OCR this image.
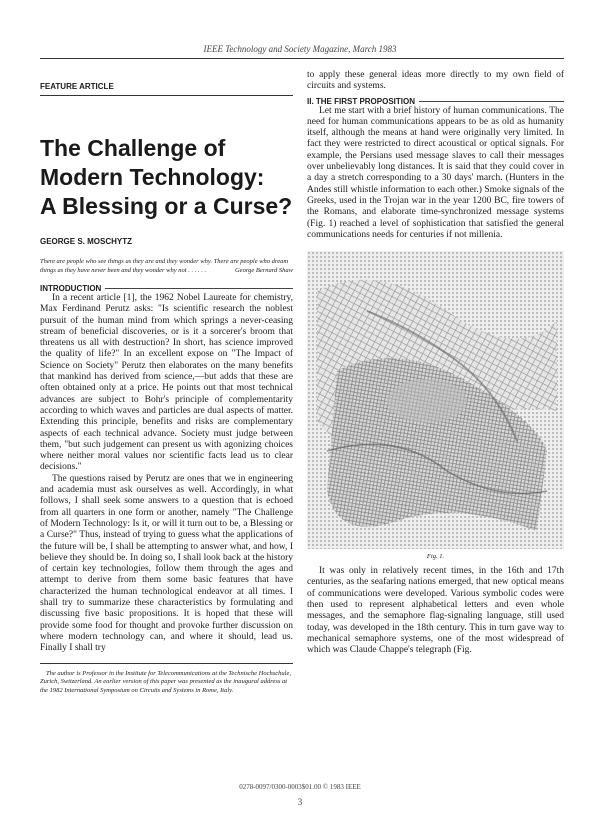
IEEE Technology and Society Magazine, March 1983
FEATURE ARTICLE
The Challenge of
Modern Technology:
A Blessing or a Curse?
GEORGE S. MOSCHYTZ
There are people who see things as they are and they wonder why. There are people who dream things as they have never been and they wonder why not . . . . . .	George Bernard Shaw
INTRODUCTION

In a recent article [1], the 1962 Nobel Laureate for chemistry, Max Ferdinand Perutz asks: "Is scientific research the noblest pursuit of the human mind from which springs a never-ceasing stream of beneficial discoveries, or is it a sorcerer's broom that threatens us all with destruction? In short, has science improved the quality of life?" In an excellent expose on "The Impact of Science on Society" Perutz then elaborates on the many benefits that mankind has derived from science,—but adds that these are often obtained only at a price. He points out that most technical advances are subject to Bohr's principle of complementarity according to which waves and particles are dual aspects of matter. Extending this principle, benefits and risks are complementary aspects of each technical advance. Society must judge between them, "but such judgement can present us with agonizing choices where neither moral values nor scientific facts lead us to clear decisions."

The questions raised by Perutz are ones that we in engineering and academia must ask ourselves as well. Accordingly, in what follows, I shall seek some answers to a question that is echoed from all quarters in one form or another, namely "The Challenge of Modern Technology: Is it, or will it turn out to be, a Blessing or a Curse?" Thus, instead of trying to guess what the applications of the future will be, I shall be attempting to answer what, and how, I believe they should be. In doing so, I shall look back at the history of certain key technologies, follow them through the ages and attempt to derive from them some basic features that have characterized the human technological endeavor at all times. I shall try to summarize these characteristics by formulating and discussing five basic propositions. It is hoped that these will provide some food for thought and provoke further discussion on where modern technology can, and where it should, lead us. Finally I shall try

The author is Professor in the Institute for Telecommunications at the Technische Hochschule, Zurich, Switzerland. An earlier version of this paper was presented as the inaugural address at the 1982 International Symposium on Circuits and Systems in Rome, Italy.

to apply these general ideas more directly to my own field of circuits and systems.

II. THE FIRST PROPOSITION

Let me start with a brief history of human communications. The need for human communications appears to be as old as humanity itself, although the means at hand were originally very limited. In fact they were restricted to direct acoustical or optical signals. For example, the Persians used message slaves to call their messages over unbelievably long distances. It is said that they could cover in a day a stretch corresponding to a 30 days' march. (Hunters in the Andes still whistle information to each other.) Smoke signals of the Greeks, used in the Trojan war in the year 1200 BC, fire towers of the Romans, and elaborate time-synchronized message systems (Fig. 1) reached a level of sophistication that satisfied the general communications needs for centuries if not millenia.

Fig. 1.

It was only in relatively recent times, in the 16th and 17th centuries, as the seafaring nations emerged, that new optical means of communications were developed. Various symbolic codes were then used to represent alphabetical letters and even whole messages, and the semaphore flag-signaling language, still used today, was developed in the 18th century. This in turn gave way to mechanical semaphore systems, one of the most widespread of which was Claude Chappe's telegraph (Fig.

0278-0097/0300-0003$01.00 © 1983 IEEE
3
